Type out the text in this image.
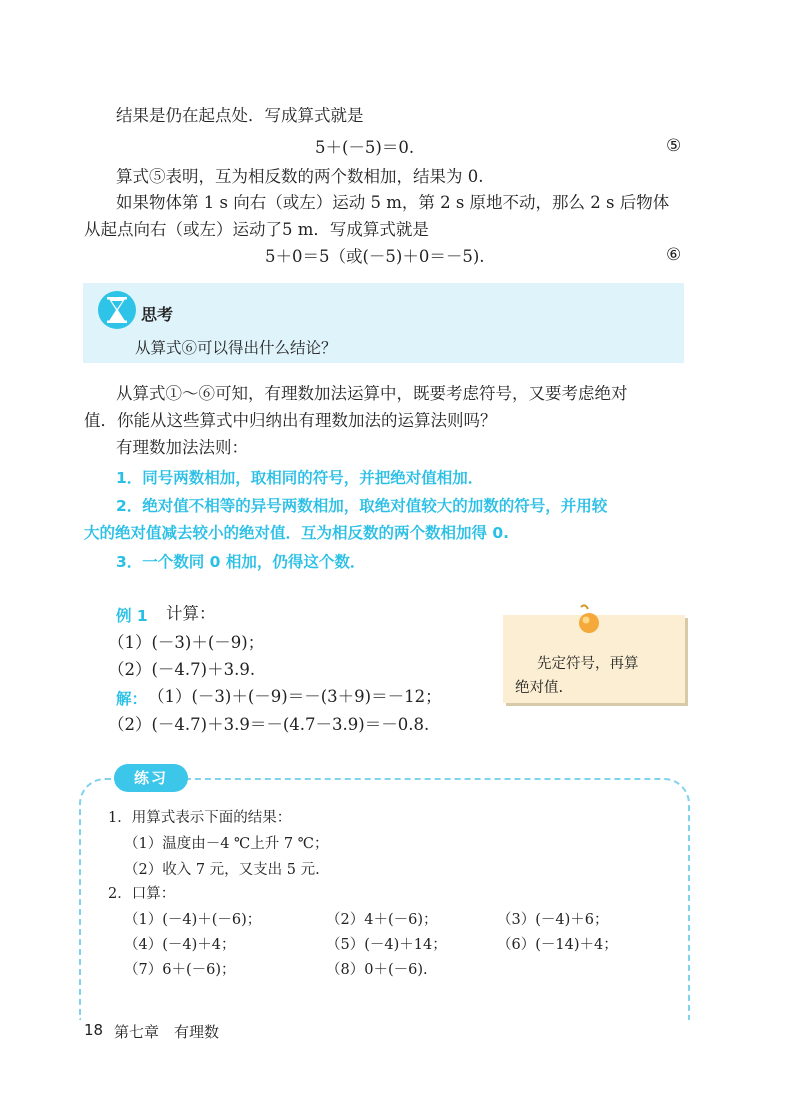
结果是仍在起点处．写成算式就是
5＋(－5)＝0.	⑤
算式⑤表明，互为相反数的两个数相加，结果为 0.
如果物体第 1 s 向右（或左）运动 5 m，第 2 s 原地不动，那么 2 s 后物体
从起点向右（或左）运动了5 m．写成算式就是
5＋0＝5（或(－5)＋0＝－5).	⑥
思考
从算式⑥可以得出什么结论？
从算式①～⑥可知，有理数加法运算中，既要考虑符号，又要考虑绝对
值．你能从这些算式中归纳出有理数加法的运算法则吗？
有理数加法法则：
1．同号两数相加，取相同的符号，并把绝对值相加．
2．绝对值不相等的异号两数相加，取绝对值较大的加数的符号，并用较
大的绝对值减去较小的绝对值．互为相反数的两个数相加得 0.
3．一个数同 0 相加，仍得这个数．
例 1 计算：
（1）(－3)＋(－9)；
（2）(－4.7)＋3.9.
解： （1）(－3)＋(－9)＝－(3＋9)＝－12；
（2）(－4.7)＋3.9＝－(4.7－3.9)＝－0.8.
先定符号，再算
绝对值.
练习
1．用算式表示下面的结果：
（1）温度由－4 ℃上升 7 ℃；
（2）收入 7 元，又支出 5 元.
2．口算：
（1）(－4)＋(－6)；	（2）4＋(－6)；	（3）(－4)＋6；
（4）(－4)＋4；	（5）(－4)＋14；	（6）(－14)＋4；
（7）6＋(－6)；	（8）0＋(－6).
18 第七章　有理数
